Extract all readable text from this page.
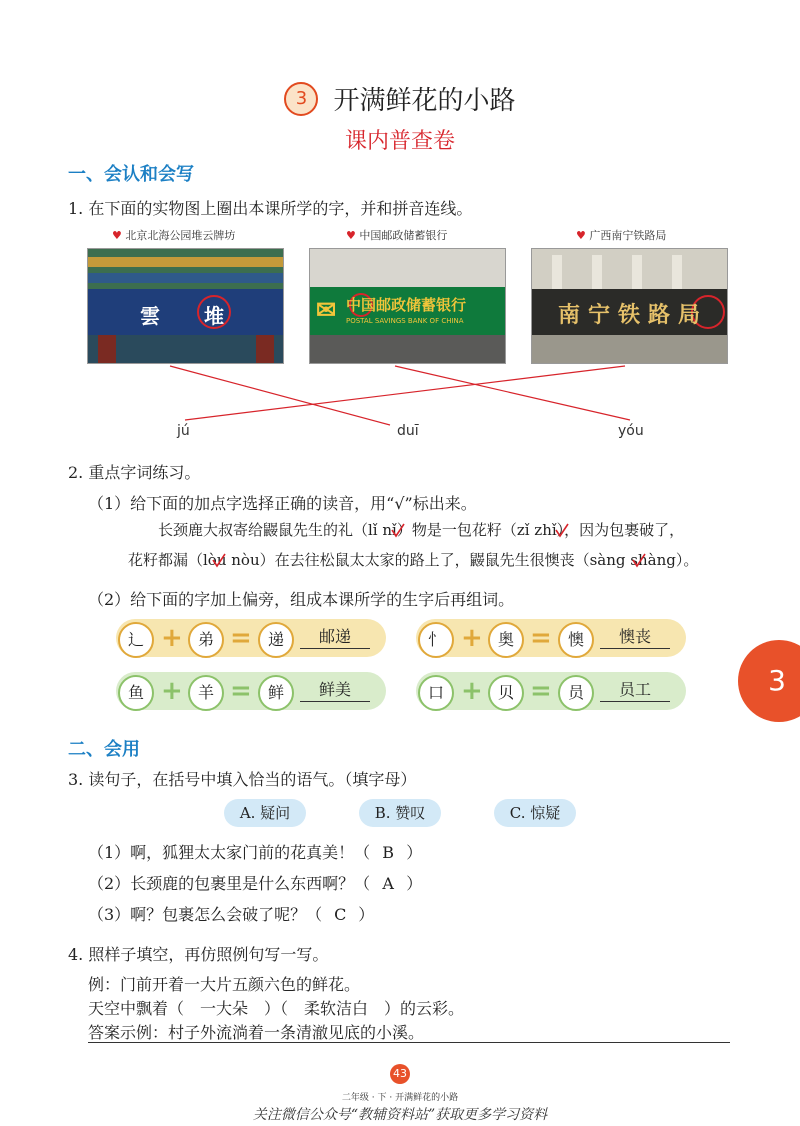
3 开满鲜花的小路
课内普查卷
一、会认和会写
1. 在下面的实物图上圈出本课所学的字，并和拼音连线。
♥ 北京北海公园堆云牌坊	♥ 中国邮政储蓄银行	♥ 广西南宁铁路局
雲 堆	✉ 中国邮政储蓄银行
POSTAL SAVINGS BANK OF CHINA	南宁铁路局
jú	duī	yóu
2. 重点字词练习。
（1）给下面的加点字选择正确的读音，用“√”标出来。
长颈鹿大叔寄给鼹鼠先生的礼（lǐ nǐ）物是一包花籽（zǐ zhǐ），因为包裹破了，
花籽都漏（lòu nòu）在去往松鼠太太家的路上了，鼹鼠先生很懊丧（sàng shàng）。
（2）给下面的字加上偏旁，组成本课所学的生字后再组词。
辶 + 弟 =	递	邮递	忄 + 奥 =	懊	懊丧
鱼 + 羊 =	鲜	鲜美	口 + 贝 =	员	员工	3
二、会用
3. 读句子，在括号中填入恰当的语气。（填字母）
A. 疑问	B. 赞叹	C. 惊疑
（1）啊，狐狸太太家门前的花真美！（ B ）
（2）长颈鹿的包裹里是什么东西啊？（ A ）
（3）啊？包裹怎么会破了呢？（ C ）
4. 照样子填空，再仿照例句写一写。
例：门前开着一大片五颜六色的鲜花。
天空中飘着（ 一大朵 ）（ 柔软洁白 ）的云彩。
答案示例：村子外流淌着一条清澈见底的小溪。
43
二年级 · 下 · 开满鲜花的小路
关注微信公众号“教辅资料站”获取更多学习资料
